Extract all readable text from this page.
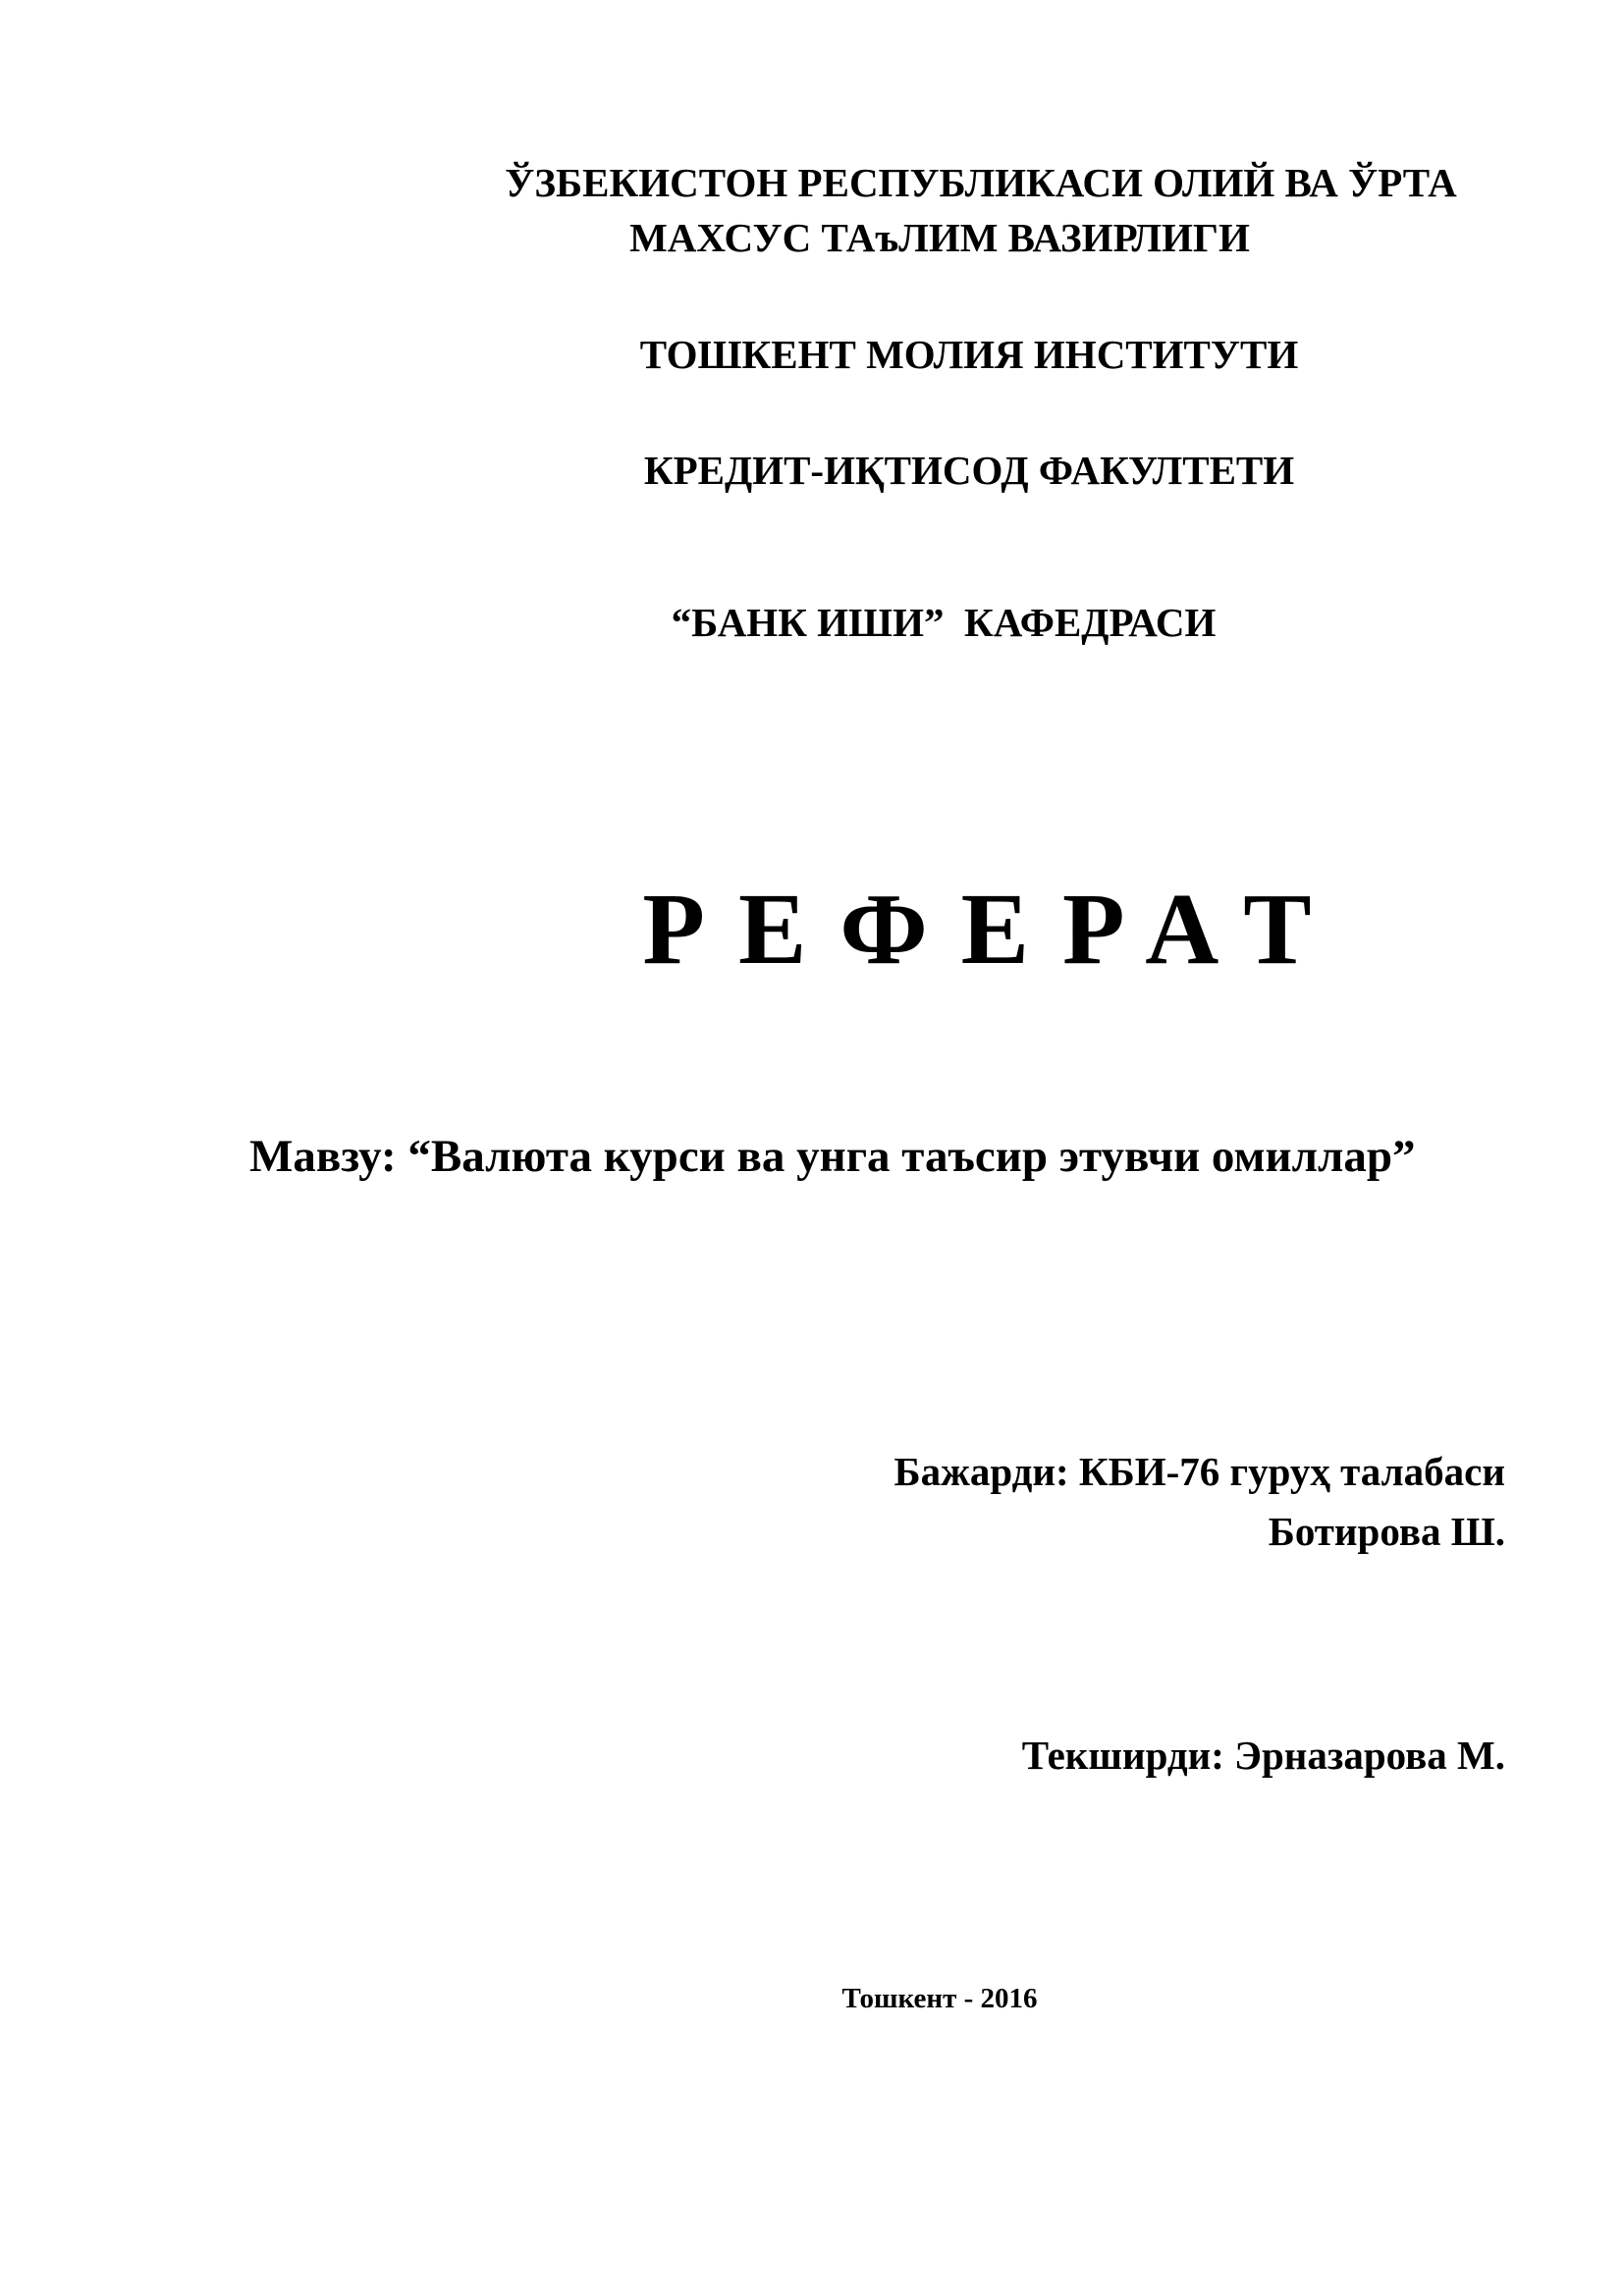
ЎЗБЕКИСТОН РЕСПУБЛИКАСИ ОЛИЙ ВА ЎРТА
МАХСУС ТАъЛИМ ВАЗИРЛИГИ
ТОШКЕНТ МОЛИЯ ИНСТИТУТИ
КРЕДИТ-ИҚТИСОД ФАКУЛТЕТИ
“БАНК ИШИ”  КАФЕДРАСИ
РЕФЕРАТ
Мавзу: “Валюта курси ва унга таъсир этувчи омиллар”
Бажарди: КБИ-76 гуруҳ талабаси
Ботирова Ш.
Текширди: Эрназарова М.
Тошкент - 2016
